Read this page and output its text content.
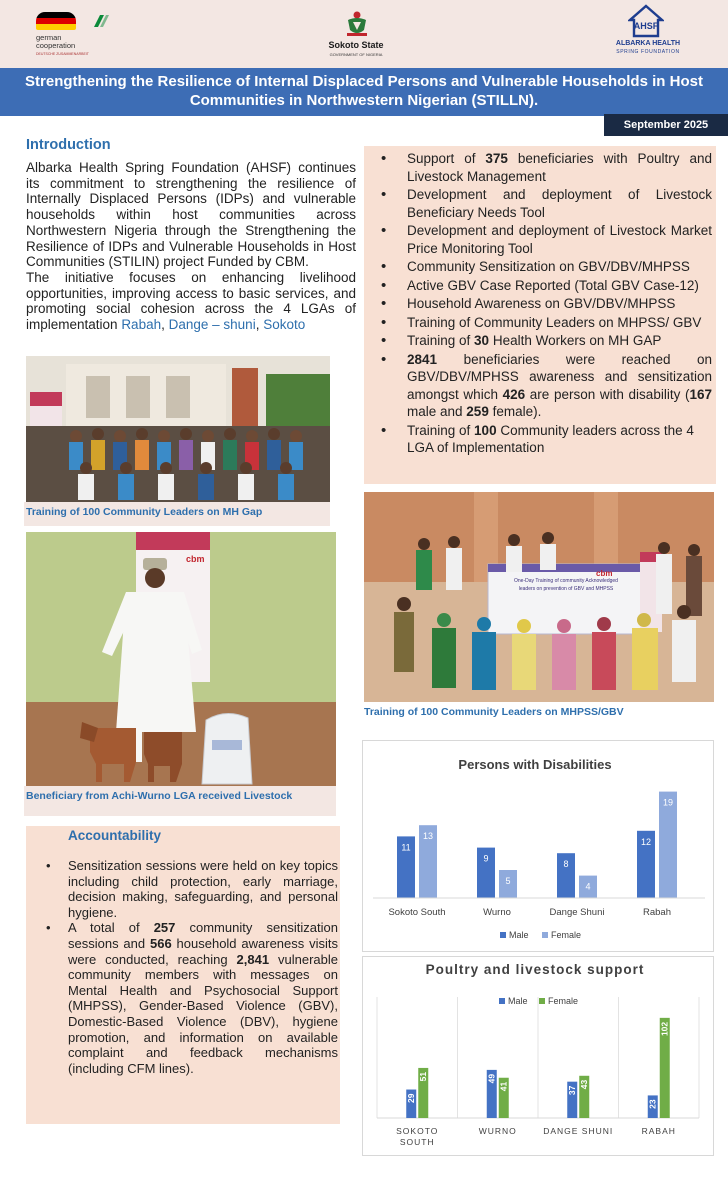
german
cooperation
DEUTSCHE ZUSAMMENARBEIT
Sokoto State
GOVERNMENT OF NIGERIA
AHSF
ALBARKA HEALTH
SPRING FOUNDATION
Strengthening the Resilience of Internal Displaced Persons and Vulnerable Households in Host Communities in Northwestern Nigerian (STILLN).
September 2025
Introduction

Albarka Health Spring Foundation (AHSF) continues its commitment to strengthening the resilience of Internally Displaced Persons (IDPs) and vulnerable households within host communities across Northwestern Nigeria through the Strengthening the Resilience of IDPs and Vulnerable Households in Host Communities (STILIN) project Funded by CBM.

The initiative focuses on enhancing livelihood opportunities, improving access to basic services, and promoting social cohesion across the 4 LGAs of implementation Rabah, Dange – shuni, Sokoto

• Support of 375 beneficiaries with Poultry and Livestock Management
• Development and deployment of Livestock Beneficiary Needs Tool
• Development and deployment of Livestock Market Price Monitoring Tool
• Community Sensitization on GBV/DBV/MHPSS
• Active GBV Case Reported (Total GBV Case-12)
• Household Awareness on GBV/DBV/MHPSS
• Training of Community Leaders on MHPSS/ GBV
• Training of 30 Health Workers on MH GAP
• 2841 beneficiaries were reached on GBV/DBV/MPHSS awareness and sensitization amongst which 426 are person with disability (167 male and 259 female).
• Training of 100 Community leaders across the 4 LGA of Implementation
Training of 100 Community Leaders on MH Gap
One-Day Training of community Acknowledged
leaders on prevention of GBV and MHPSS
cbm
Training of 100 Community Leaders on MHPSS/GBV
cbm
Beneficiary from Achi-Wurno LGA received Livestock
Accountability
• Sensitization sessions were held on key topics including child protection, early marriage, decision making, safeguarding, and personal hygiene.
• A total of 257 community sensitization sessions and 566 household awareness visits were conducted, reaching 2,841 vulnerable community members with messages on Mental Health and Psychosocial Support (MHPSS), Gender-Based Violence (GBV), Domestic-Based Violence (DBV), hygiene promotion, and information on available complaint and feedback mechanisms (including CFM lines).
Persons with Disabilities
11
13
Sokoto South
9
5
Wurno
8
4
Dange Shuni
12
19
Rabah
Male Female
Poultry and livestock support
Male Female
29
51
SOKOTO
SOUTH
49
41
WURNO
37
43
DANGE SHUNI
23
102
RABAH
